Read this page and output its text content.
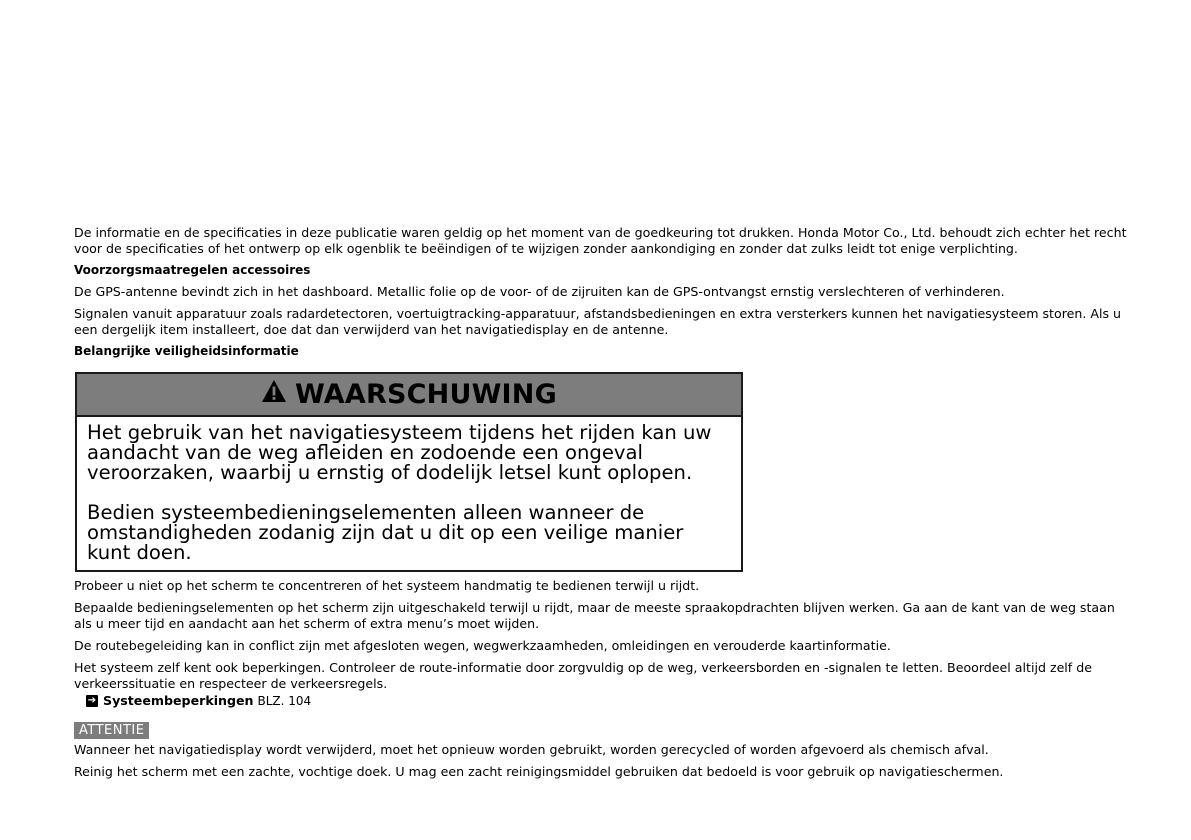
De informatie en de specificaties in deze publicatie waren geldig op het moment van de goedkeuring tot drukken. Honda Motor Co., Ltd. behoudt zich echter het recht voor de specificaties of het ontwerp op elk ogenblik te beëindigen of te wijzigen zonder aankondiging en zonder dat zulks leidt tot enige verplichting.

Voorzorgsmaatregelen accessoires

De GPS-antenne bevindt zich in het dashboard. Metallic folie op de voor- of de zijruiten kan de GPS-ontvangst ernstig verslechteren of verhinderen.

Signalen vanuit apparatuur zoals radardetectoren, voertuigtracking-apparatuur, afstandsbedieningen en extra versterkers kunnen het navigatiesysteem storen. Als u een dergelijk item installeert, doe dat dan verwijderd van het navigatiedisplay en de antenne.

Belangrijke veiligheidsinformatie
WAARSCHUWING

Het gebruik van het navigatiesysteem tijdens het rijden kan uw aandacht van de weg afleiden en zodoende een ongeval veroorzaken, waarbij u ernstig of dodelijk letsel kunt oplopen.

Bedien systeembedieningselementen alleen wanneer de omstandigheden zodanig zijn dat u dit op een veilige manier kunt doen.

Probeer u niet op het scherm te concentreren of het systeem handmatig te bedienen terwijl u rijdt.

Bepaalde bedieningselementen op het scherm zijn uitgeschakeld terwijl u rijdt, maar de meeste spraakopdrachten blijven werken. Ga aan de kant van de weg staan als u meer tijd en aandacht aan het scherm of extra menu’s moet wijden.

De routebegeleiding kan in conflict zijn met afgesloten wegen, wegwerkzaamheden, omleidingen en verouderde kaartinformatie.

Het systeem zelf kent ook beperkingen. Controleer de route-informatie door zorgvuldig op de weg, verkeersborden en -signalen te letten. Beoordeel altijd zelf de verkeerssituatie en respecteer de verkeersregels.

➔ Systeembeperkingen BLZ. 104
ATTENTIE

Wanneer het navigatiedisplay wordt verwijderd, moet het opnieuw worden gebruikt, worden gerecycled of worden afgevoerd als chemisch afval.

Reinig het scherm met een zachte, vochtige doek. U mag een zacht reinigingsmiddel gebruiken dat bedoeld is voor gebruik op navigatieschermen.
